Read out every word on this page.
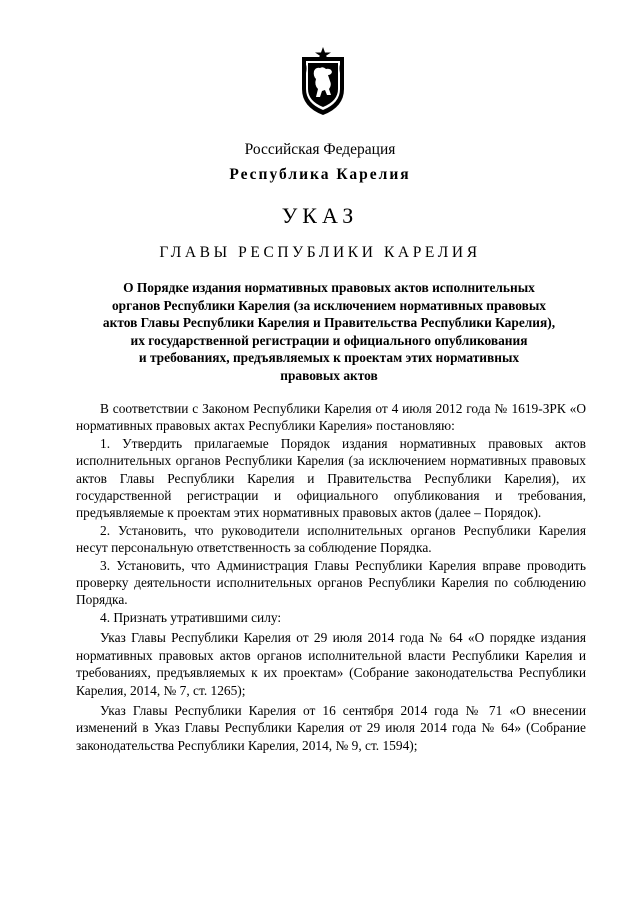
Российская Федерация
Республика Карелия
УКАЗ
ГЛАВЫ РЕСПУБЛИКИ КАРЕЛИЯ
О Порядке издания нормативных правовых актов исполнительных
органов Республики Карелия (за исключением нормативных правовых
актов Главы Республики Карелия и Правительства Республики Карелия),
их государственной регистрации и официального опубликования
и требованиях, предъявляемых к проектам этих нормативных
правовых актов

В соответствии с Законом Республики Карелия от 4 июля 2012 года № 1619-ЗРК «О нормативных правовых актах Республики Карелия» постановляю:

1. Утвердить прилагаемые Порядок издания нормативных правовых актов исполнительных органов Республики Карелия (за исключением нормативных правовых актов Главы Республики Карелия и Правительства Республики Карелия), их государственной регистрации и официального опубликования и требования, предъявляемые к проектам этих нормативных правовых актов (далее – Порядок).

2. Установить, что руководители исполнительных органов Республики Карелия несут персональную ответственность за соблюдение Порядка.

3. Установить, что Администрация Главы Республики Карелия вправе проводить проверку деятельности исполнительных органов Республики Карелия по соблюдению Порядка.

4. Признать утратившими силу:

Указ Главы Республики Карелия от 29 июля 2014 года № 64 «О порядке издания нормативных правовых актов органов исполнительной власти Республики Карелия и требованиях, предъявляемых к их проектам» (Собрание законодательства Республики Карелия, 2014, № 7, ст. 1265);

Указ Главы Республики Карелия от 16 сентября 2014 года № 71 «О внесении изменений в Указ Главы Республики Карелия от 29 июля 2014 года № 64» (Собрание законодательства Республики Карелия, 2014, № 9, ст. 1594);
